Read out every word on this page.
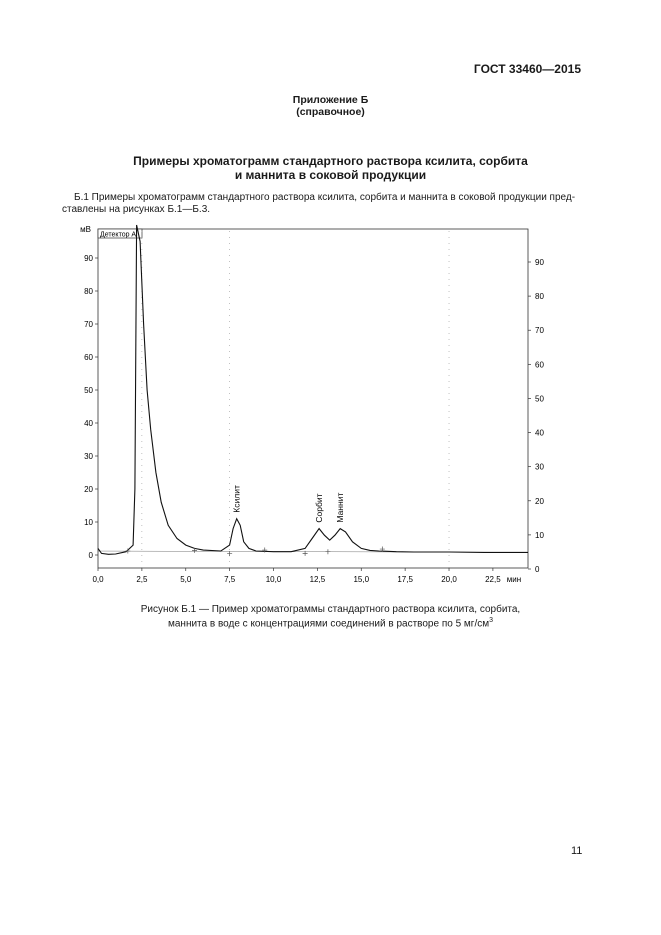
ГОСТ 33460—2015
Приложение Б
(справочное)
Примеры хроматограмм стандартного раствора ксилита, сорбита
и маннита в соковой продукции
Б.1 Примеры хроматограмм стандартного раствора ксилита, сорбита и маннита в соковой продукции пред-
ставлены на рисунках Б.1—Б.3.
Детектор A
мВ
0
10
20
30
40
50
60
70
80
90
0
10
20
30
40
50
60
70
80
90
0,0	2,5	5,0	7,5	10,0	12,5	15,0	17,5	20,0	22,5 мин
Ксилит	Сорбит Маннит
Рисунок Б.1 — Пример хроматограммы стандартного раствора ксилита, сорбита,
маннита в воде с концентрациями соединений в растворе по 5 $мг/см^3$
11
